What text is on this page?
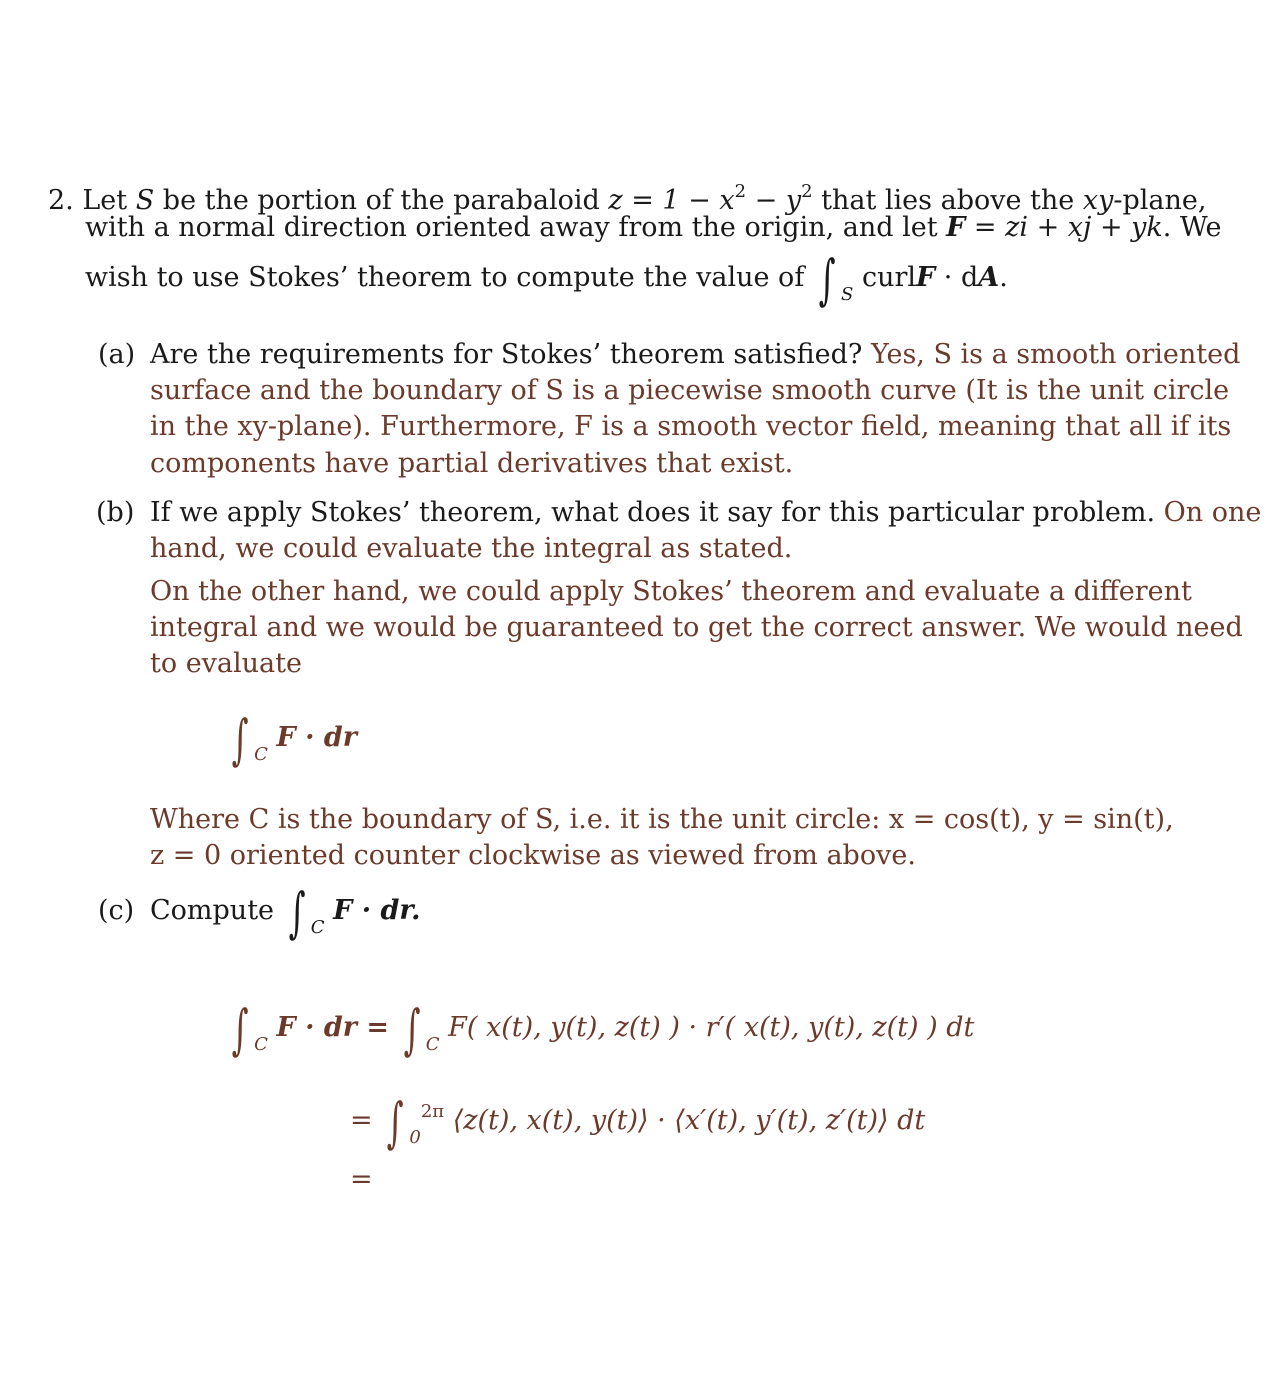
2. Let S be the portion of the parabaloid $z = 1 - x^2 - y^2$ that lies above the xy-plane,
with a normal direction oriented away from the origin, and let F = zi + xj + yk. We
wish to use Stokes’ theorem to compute the value of ∫ $_S$ curlF · dA.
(a) Are the requirements for Stokes’ theorem satisfied? Yes, S is a smooth oriented
surface and the boundary of S is a piecewise smooth curve (It is the unit circle
in the xy-plane). Furthermore, F is a smooth vector field, meaning that all if its
components have partial derivatives that exist.
(b) If we apply Stokes’ theorem, what does it say for this particular problem. On one
hand, we could evaluate the integral as stated.
On the other hand, we could apply Stokes’ theorem and evaluate a different
integral and we would be guaranteed to get the correct answer. We would need
to evaluate
∫ $_C$ F · dr
Where C is the boundary of S, i.e. it is the unit circle: x = cos(t), y = sin(t),
z = 0 oriented counter clockwise as viewed from above.
(c) Compute ∫ $_C$ F · dr.
∫ $_C$ F · dr = ∫ $_C$ F( x(t), y(t), z(t) ) · r′( x(t), y(t), z(t) ) dt
= ∫ $_0^{2\pi}$ ⟨z(t), x(t), y(t)⟩ · ⟨x′(t), y′(t), z′(t)⟩ dt
=
